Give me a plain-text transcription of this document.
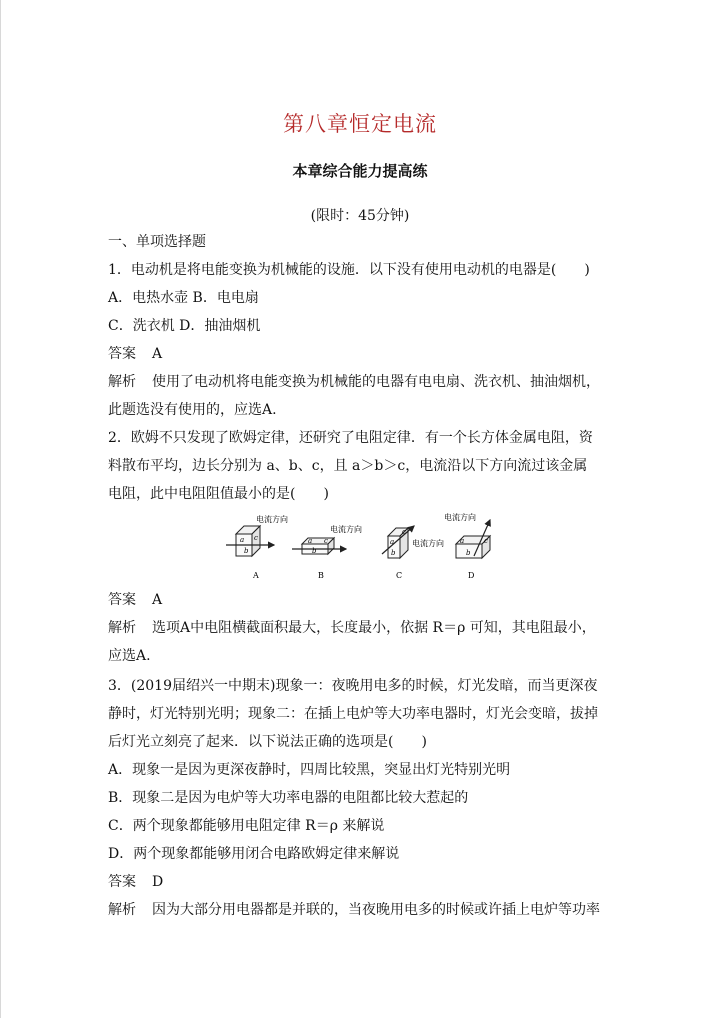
第八章恒定电流
本章综合能力提高练
(限时：45分钟)
一、单项选择题
1．电动机是将电能变换为机械能的设施．以下没有使用电动机的电器是(　　)
A．电热水壶 B．电电扇
C．洗衣机 D．抽油烟机
答案 A
解析 使用了电动机将电能变换为机械能的电器有电电扇、洗衣机、抽油烟机，
此题选没有使用的，应选A.
2．欧姆不只发现了欧姆定律，还研究了电阻定律．有一个长方体金属电阻，资
料散布平均，边长分别为 a、b、c，且 a＞b＞c，电流沿以下方向流过该金属
电阻，此中电阻阻值最小的是(　　)
电流方向
a
b
c
A
电流方向
a
b
c
B
电流方向
a
b
c
C
电流方向
a
b
c
D
答案 A
解析 选项A中电阻横截面积最大，长度最小，依据 R＝ρ 可知，其电阻最小，
应选A.
3．(2019届绍兴一中期末)现象一：夜晚用电多的时候，灯光发暗，而当更深夜
静时，灯光特别光明；现象二：在插上电炉等大功率电器时，灯光会变暗，拔掉
后灯光立刻亮了起来．以下说法正确的选项是(　　)
A．现象一是因为更深夜静时，四周比较黑，突显出灯光特别光明
B．现象二是因为电炉等大功率电器的电阻都比较大惹起的
C．两个现象都能够用电阻定律 R＝ρ 来解说
D．两个现象都能够用闭合电路欧姆定律来解说
答案 D
解析 因为大部分用电器都是并联的，当夜晚用电多的时候或许插上电炉等功率
